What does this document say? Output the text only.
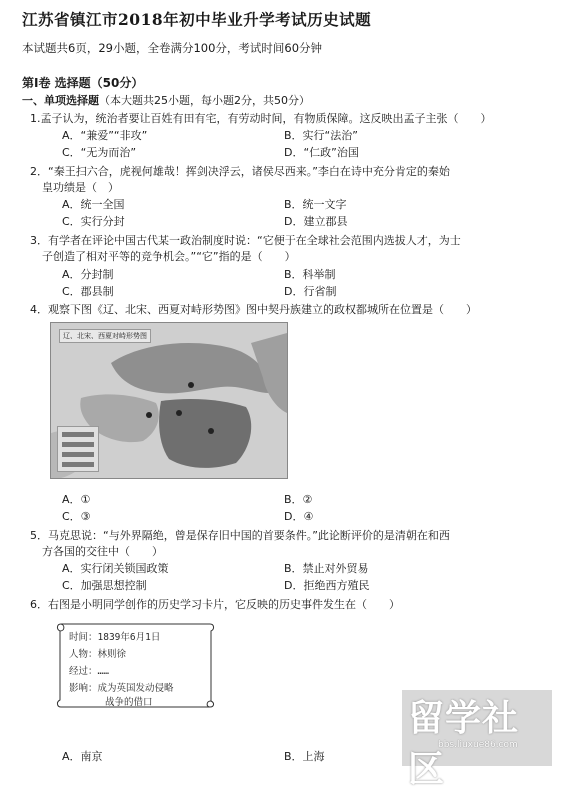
江苏省镇江市2018年初中毕业升学考试历史试题
本试题共6页，29小题，全卷满分100分，考试时间60分钟
第Ⅰ卷 选择题（50分）
一、单项选择题（本大题共25小题，每小题2分，共50分）
1.孟子认为，统治者要让百姓有田有宅，有劳动时间，有物质保障。这反映出孟子主张（　　）
A．“兼爱”“非攻”	B．实行“法治”
C．“无为而治”	D．“仁政”治国
2．“秦王扫六合，虎视何雄哉！挥剑决浮云，诸侯尽西来。”李白在诗中充分肯定的秦始
皇功绩是（　）
A．统一全国	B．统一文字
C．实行分封	D．建立郡县
3．有学者在评论中国古代某一政治制度时说：“它便于在全球社会范围内选拔人才，为士
子创造了相对平等的竞争机会。”“它”指的是（　　）
A．分封制	B．科举制
C．郡县制	D．行省制
4．观察下图《辽、北宋、西夏对峙形势图》图中契丹族建立的政权都城所在位置是（　　）
辽、北宋、西夏对峙形势图
A．①	B．②
C．③	D．④
5．马克思说：“与外界隔绝，曾是保存旧中国的首要条件。”此论断评价的是清朝在和西
方各国的交往中（　　）
A．实行闭关锁国政策	B．禁止对外贸易
C．加强思想控制	D．拒绝西方殖民
6．右图是小明同学创作的历史学习卡片，它反映的历史事件发生在（　　）
时间：1839年6月1日
人物：林则徐
经过：……
影响：成为英国发动侵略
战争的借口
A．南京	B．上海
留学社区
bbs.liuxue86.com
